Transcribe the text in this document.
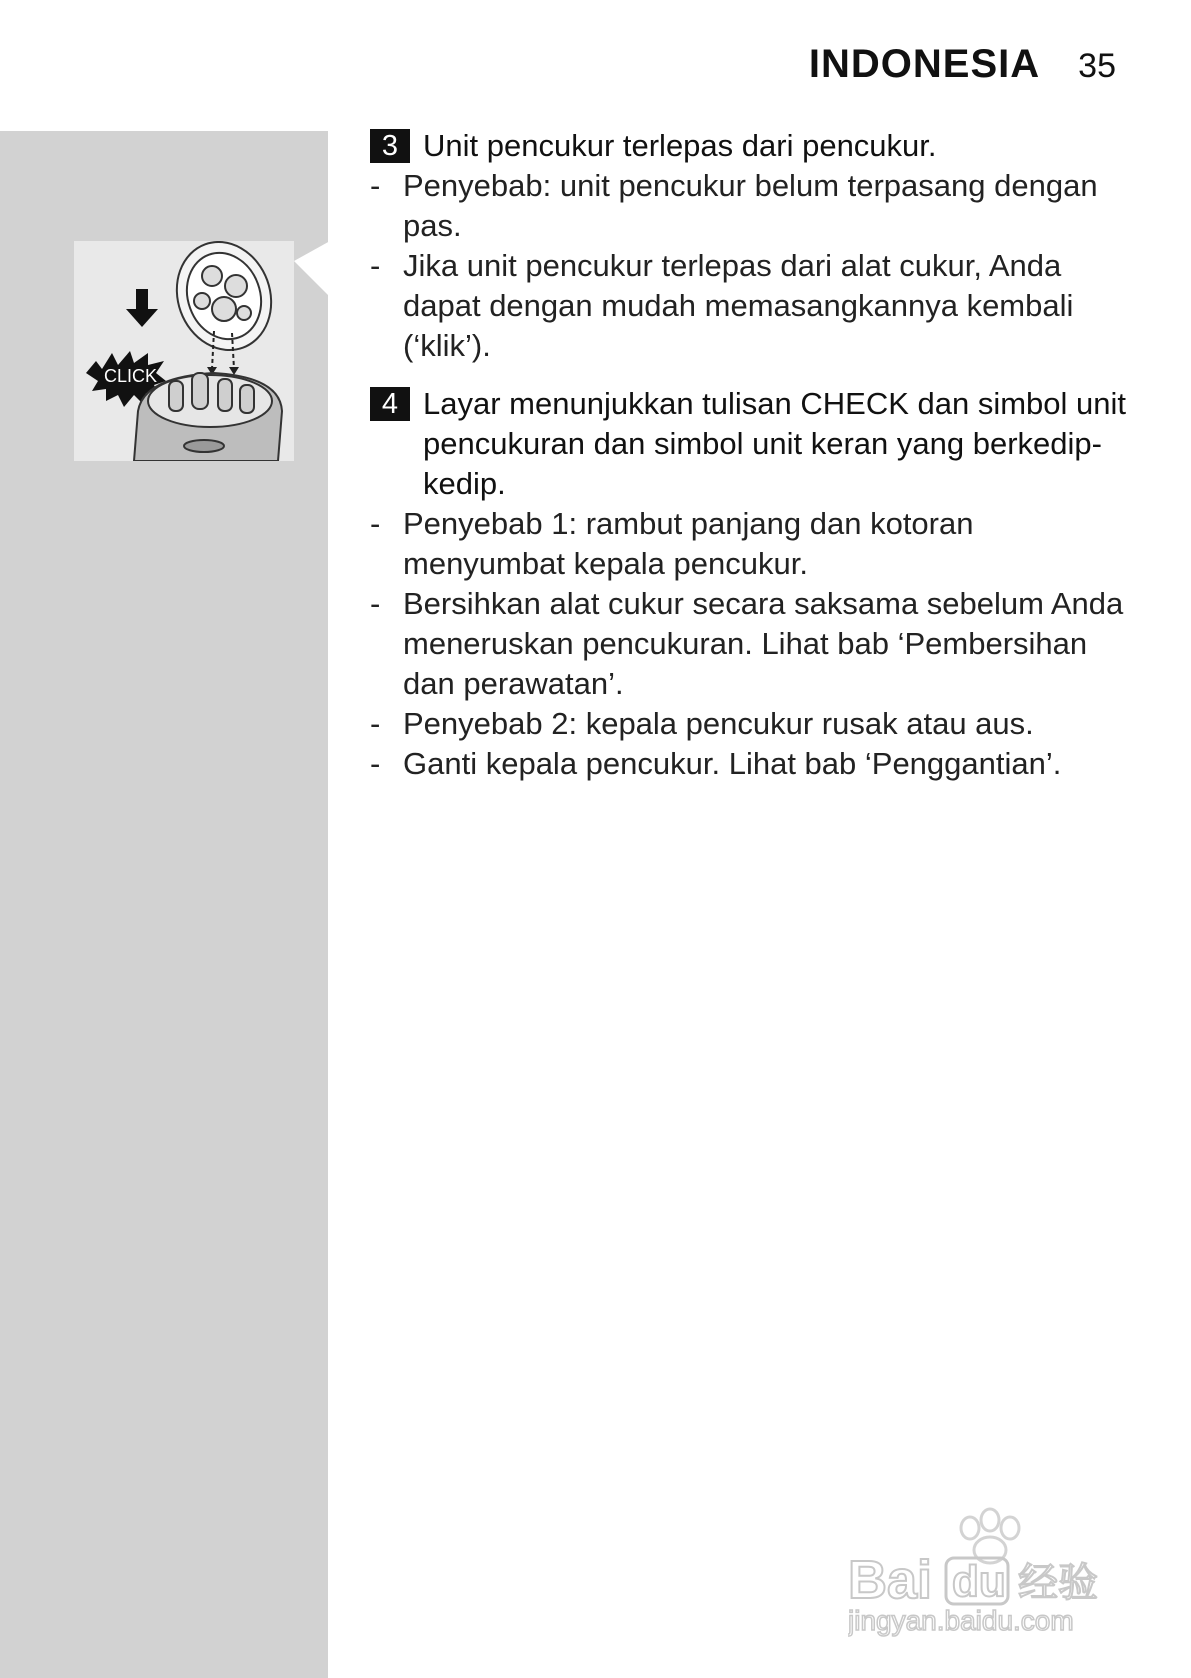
INDONESIA 35
CLICK
3 Unit pencukur terlepas dari pencukur.
- Penyebab: unit pencukur belum terpasang dengan pas.
- Jika unit pencukur terlepas dari alat cukur, Anda dapat dengan mudah memasangkannya kembali (‘klik’).
4 Layar menunjukkan tulisan CHECK dan simbol unit pencukuran dan simbol unit keran yang berkedip-kedip.
- Penyebab 1: rambut panjang dan kotoran menyumbat kepala pencukur.
- Bersihkan alat cukur secara saksama sebelum Anda meneruskan pencukuran. Lihat bab ‘Pembersihan dan perawatan’.
- Penyebab 2: kepala pencukur rusak atau aus.
- Ganti kepala pencukur. Lihat bab ‘Penggantian’.
Bai du 经验
jingyan.baidu.com
